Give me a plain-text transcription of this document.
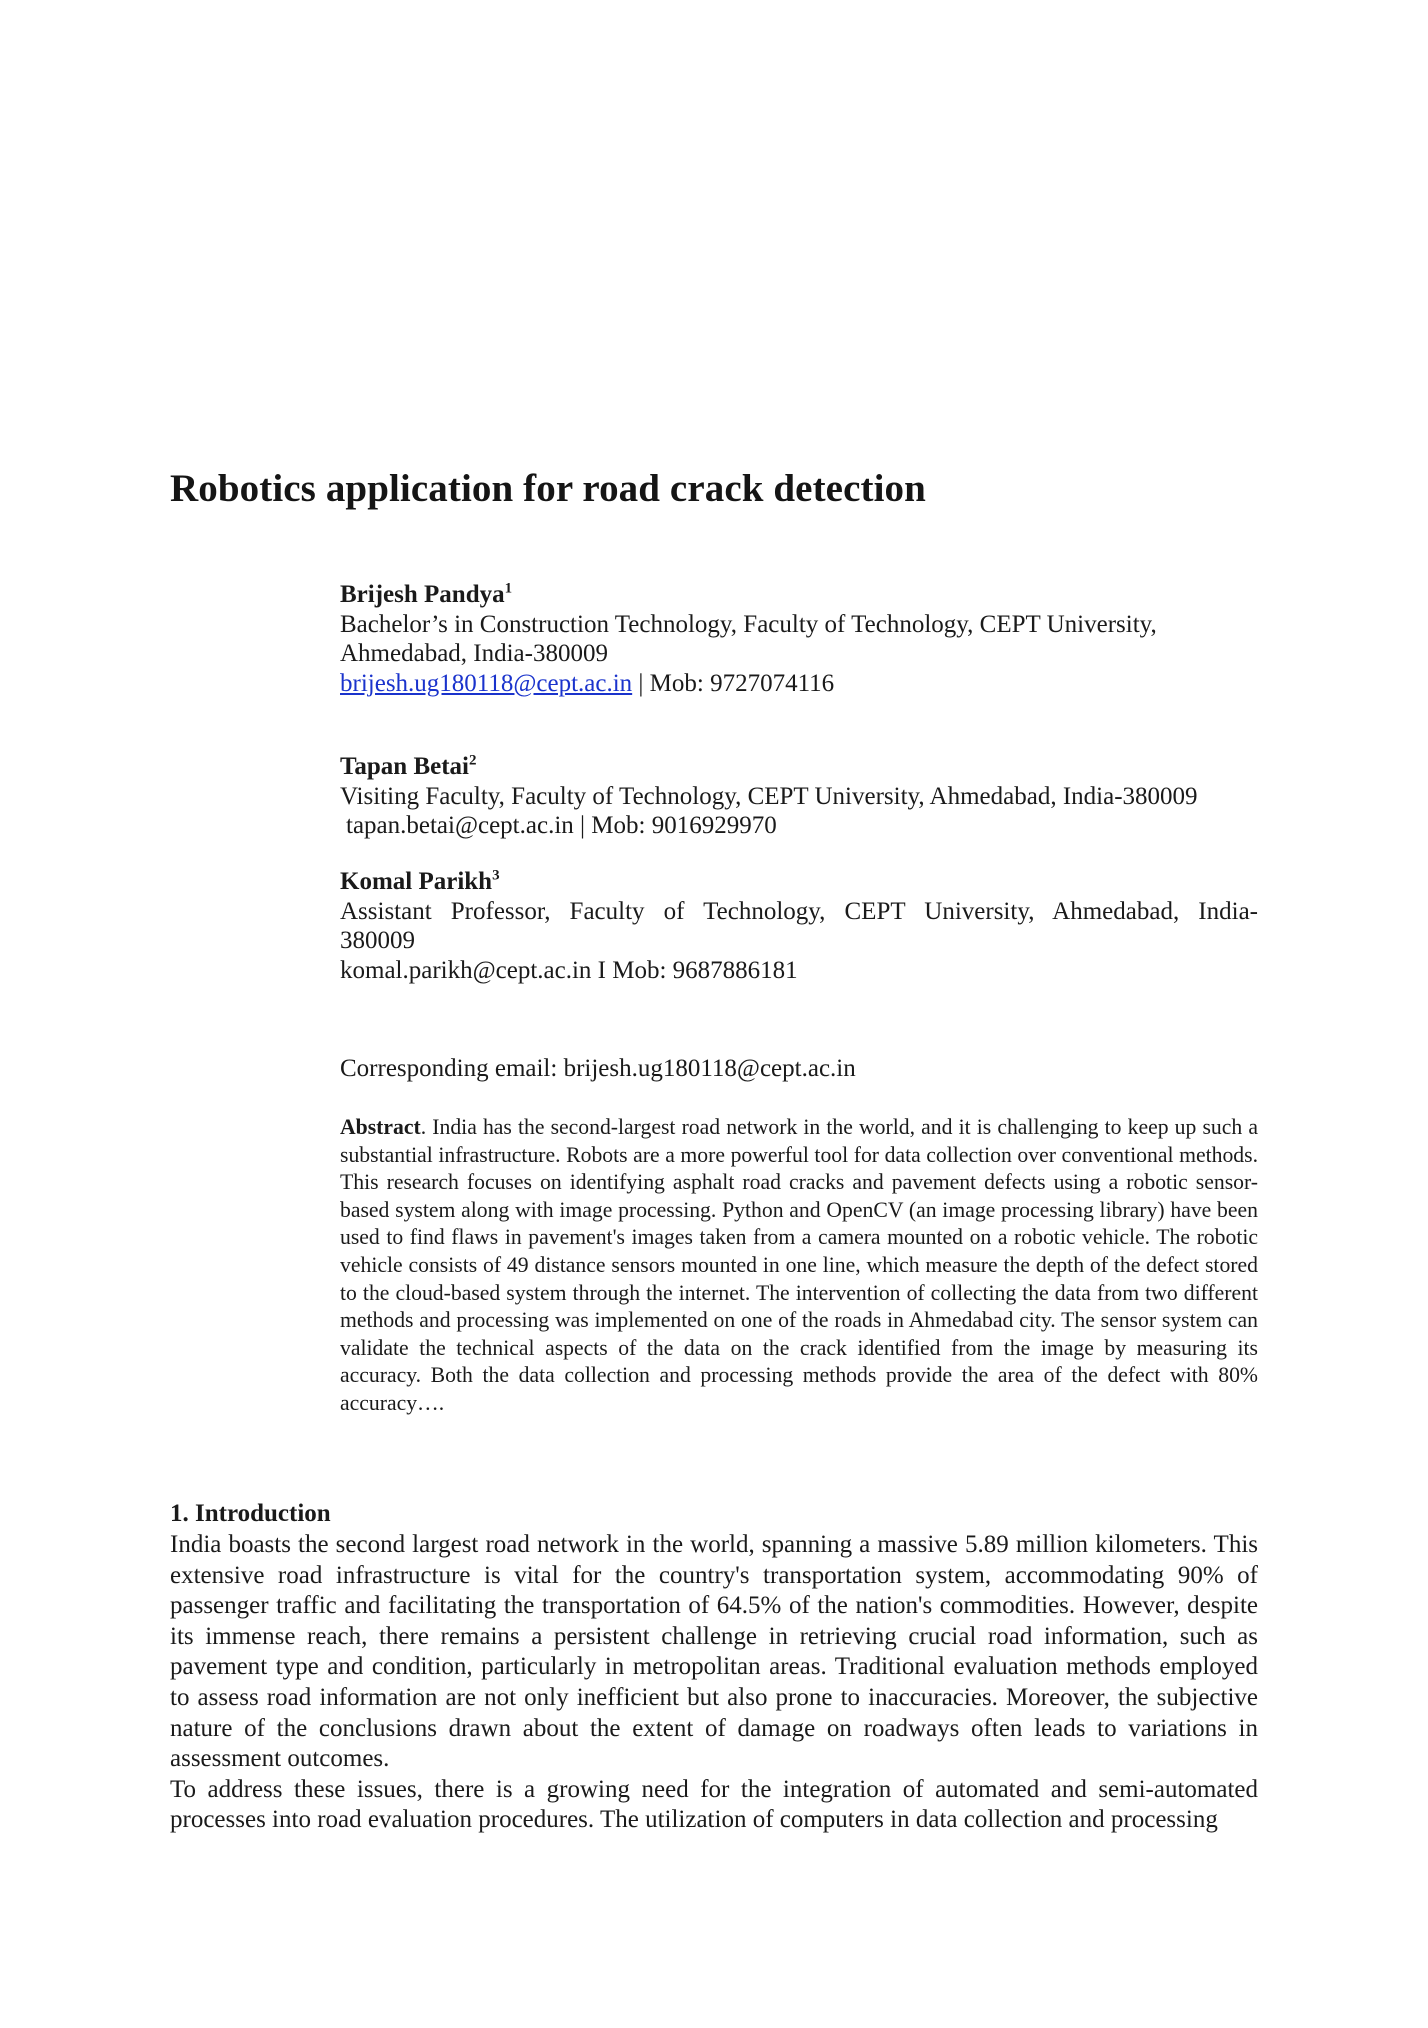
Robotics application for road crack detection
Brijesh Pandya$^1$
Bachelor’s in Construction Technology, Faculty of Technology, CEPT University,
Ahmedabad, India-380009
brijesh.ug180118@cept.ac.in | Mob: 9727074116
Tapan Betai$^2$
Visiting Faculty, Faculty of Technology, CEPT University, Ahmedabad, India-380009
tapan.betai@cept.ac.in | Mob: 9016929970
Komal Parikh$^3$
Assistant Professor, Faculty of Technology, CEPT University, Ahmedabad, India-
380009
komal.parikh@cept.ac.in I Mob: 9687886181
Corresponding email: brijesh.ug180118@cept.ac.in

Abstract. India has the second-largest road network in the world, and it is challenging to keep up such a substantial infrastructure. Robots are a more powerful tool for data collection over conventional methods. This research focuses on identifying asphalt road cracks and pavement defects using a robotic sensor-based system along with image processing. Python and OpenCV (an image processing library) have been used to find flaws in pavement's images taken from a camera mounted on a robotic vehicle. The robotic vehicle consists of 49 distance sensors mounted in one line, which measure the depth of the defect stored to the cloud-based system through the internet. The intervention of collecting the data from two different methods and processing was implemented on one of the roads in Ahmedabad city. The sensor system can validate the technical aspects of the data on the crack identified from the image by measuring its accuracy. Both the data collection and processing methods provide the area of the defect with 80% accuracy….

1. Introduction

India boasts the second largest road network in the world, spanning a massive 5.89 million kilometers. This extensive road infrastructure is vital for the country's transportation system, accommodating 90% of passenger traffic and facilitating the transportation of 64.5% of the nation's commodities. However, despite its immense reach, there remains a persistent challenge in retrieving crucial road information, such as pavement type and condition, particularly in metropolitan areas. Traditional evaluation methods employed to assess road information are not only inefficient but also prone to inaccuracies. Moreover, the subjective nature of the conclusions drawn about the extent of damage on roadways often leads to variations in assessment outcomes.

To address these issues, there is a growing need for the integration of automated and semi-automated processes into road evaluation procedures. The utilization of computers in data collection and processing
